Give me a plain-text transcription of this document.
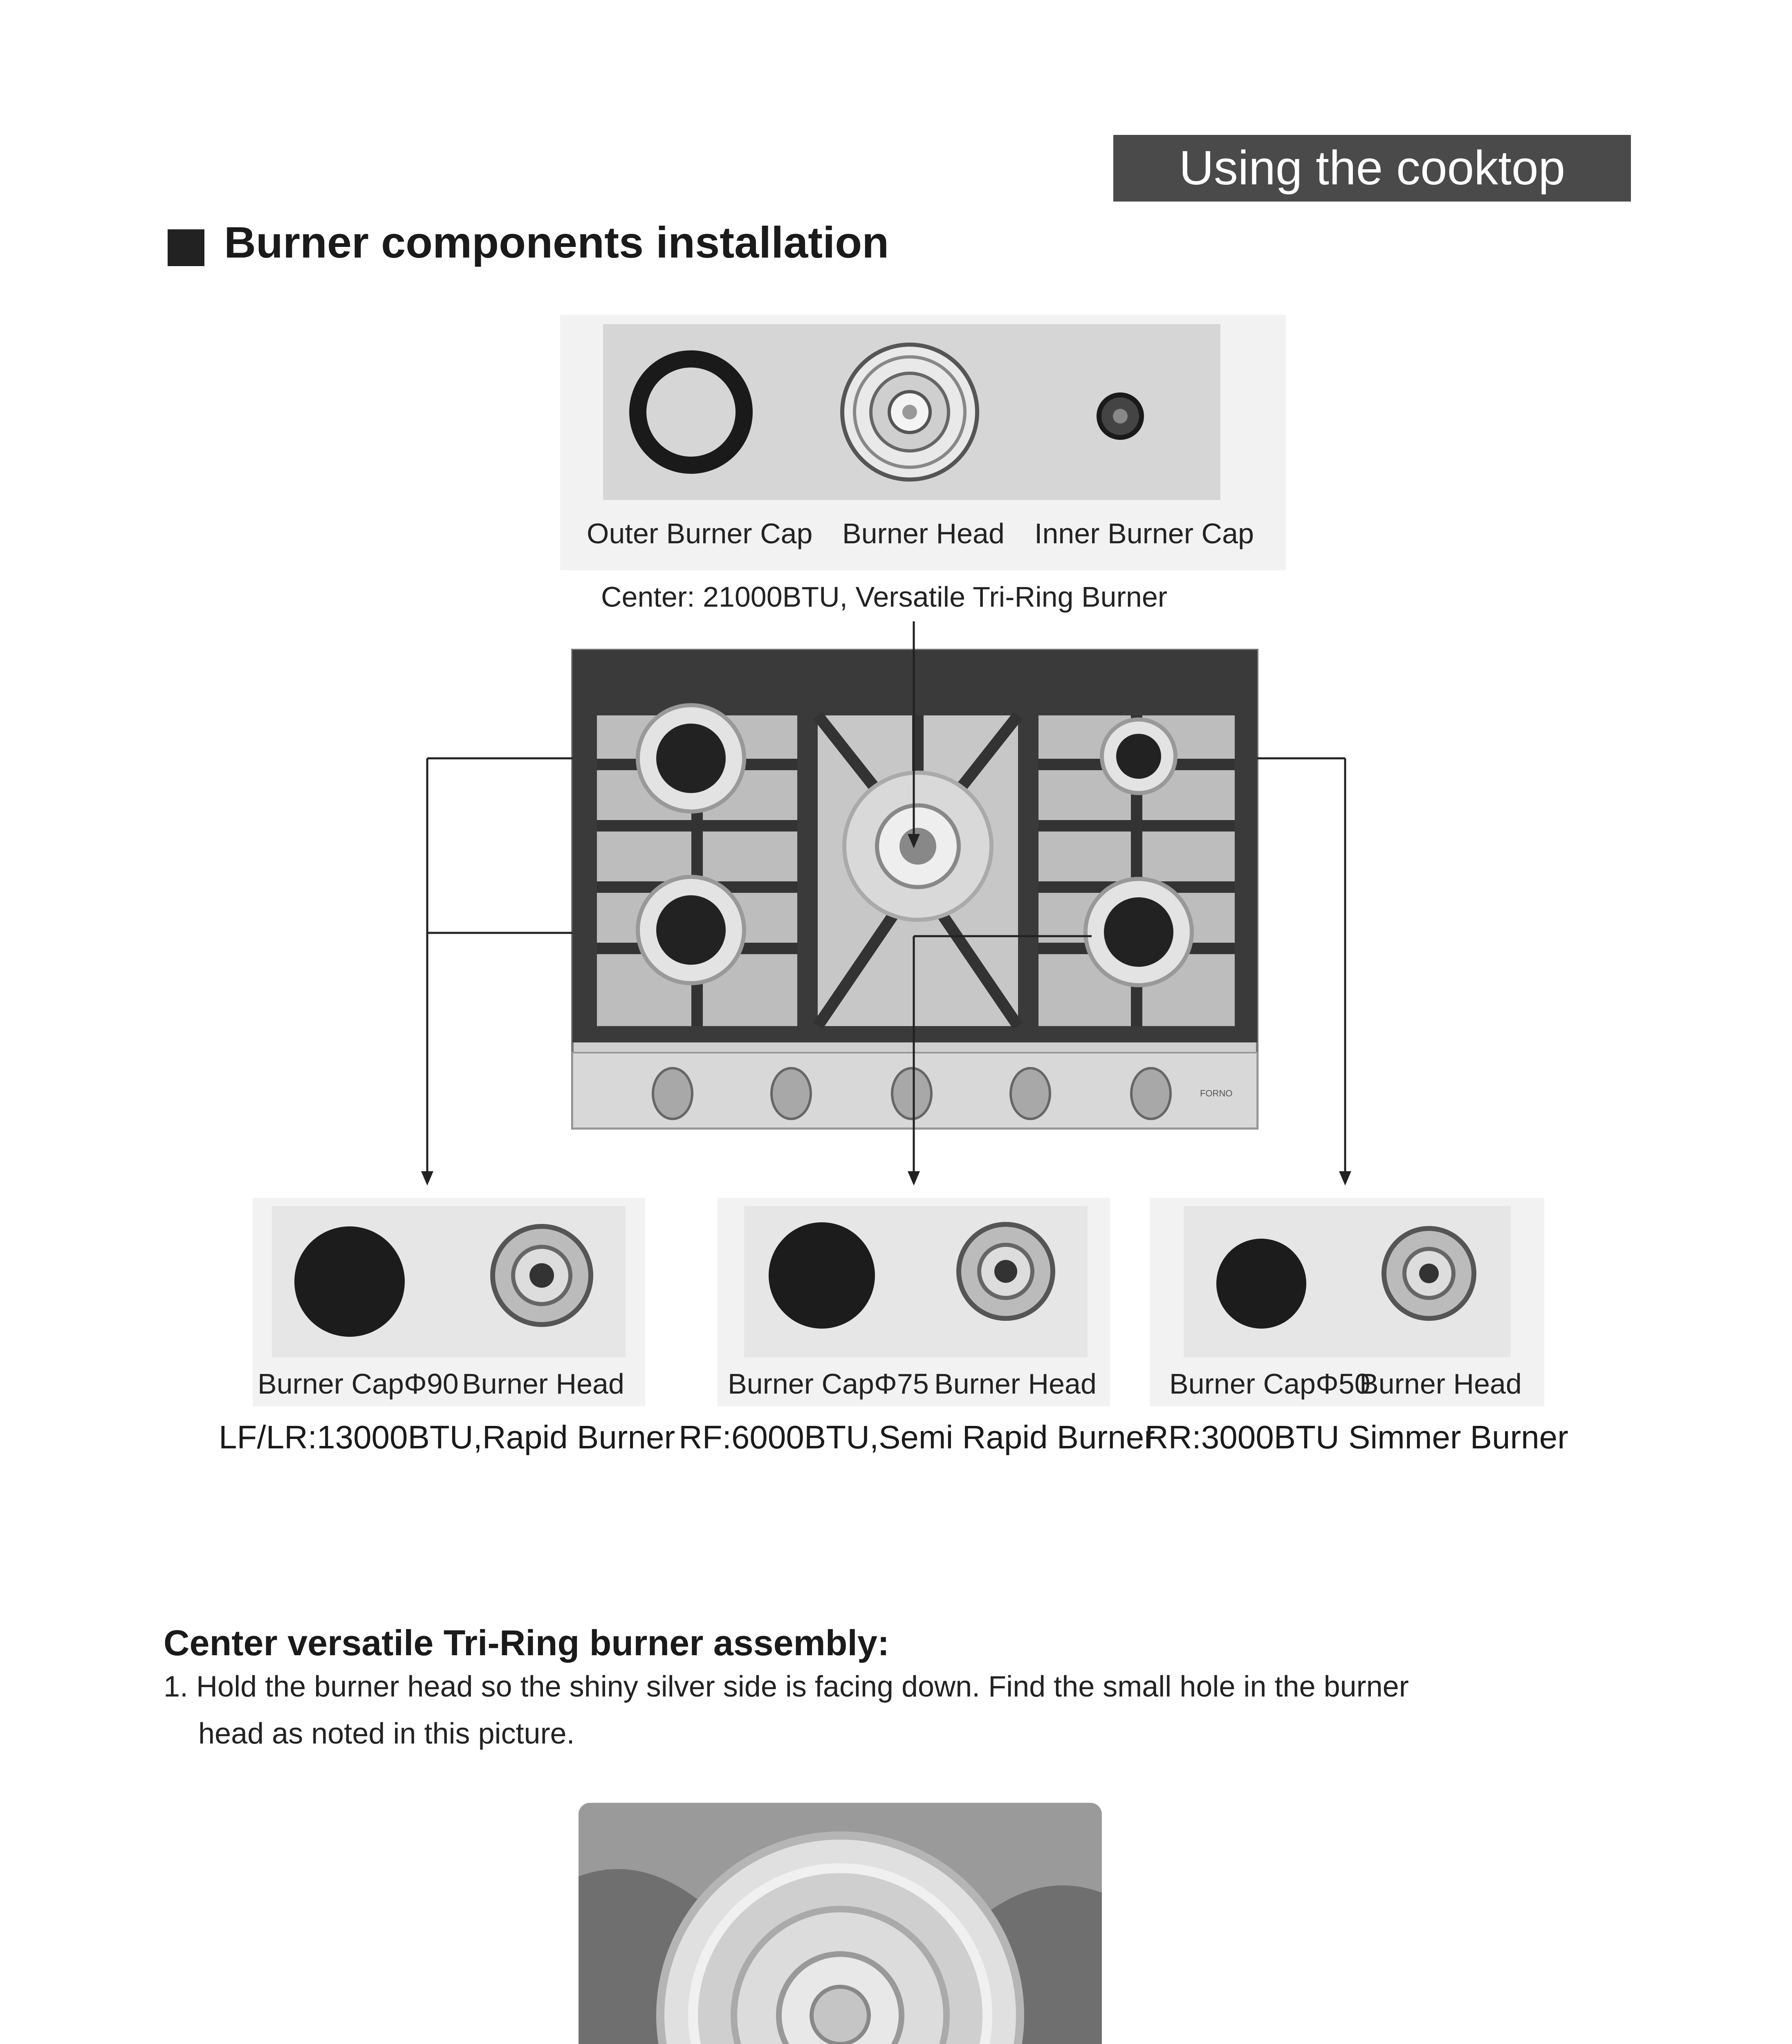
Using the cooktop
Burner components installation
Outer Burner Cap Burner Head Inner Burner Cap
Center: 21000BTU, Versatile Tri-Ring Burner
FORNO
Burner CapΦ90 Burner Head
LF/LR:13000BTU,Rapid Burner
Burner CapΦ75 Burner Head
RF:6000BTU,Semi Rapid Burner
Burner CapΦ50
Burner Head
RR:3000BTU Simmer Burner
Center versatile Tri-Ring burner assembly:
1. Hold the burner head so the shiny silver side is facing down. Find the small hole in the burner
head as noted in this picture.
